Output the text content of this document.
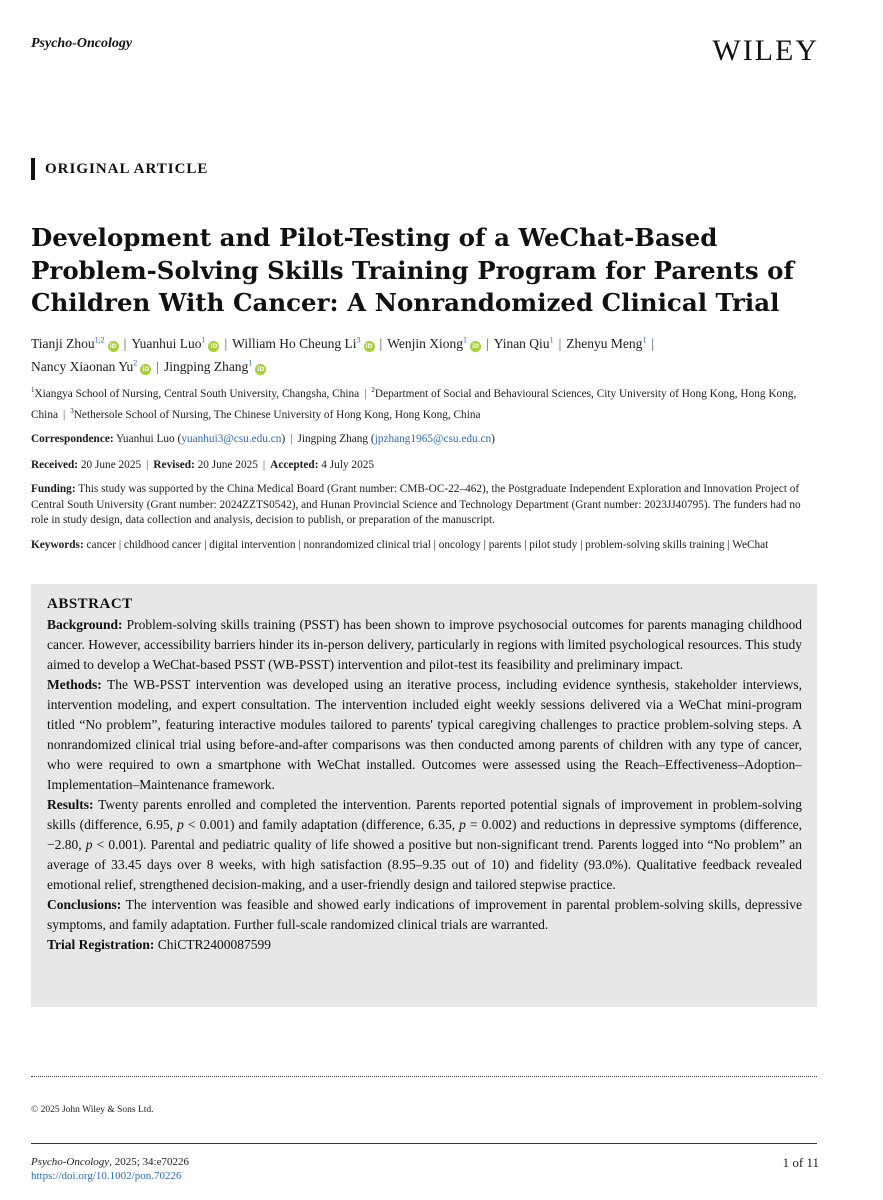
Psycho-Oncology	WILEY
ORIGINAL ARTICLE
Development and Pilot-Testing of a WeChat-Based Problem-Solving Skills Training Program for Parents of Children With Cancer: A Nonrandomized Clinical Trial
Tianji Zhou$^{1,2}$iD | Yuanhui Luo$^1$iD | William Ho Cheung Li$^3$iD | Wenjin Xiong$^1$iD | Yinan Qiu$^1$ | Zhenyu Meng$^1$ |
Nancy Xiaonan Yu$^2$iD | Jingping Zhang$^1$iD
$^1$Xiangya School of Nursing, Central South University, Changsha, China | $^2$Department of Social and Behavioural Sciences, City University of Hong Kong, Hong Kong, China | $^3$Nethersole School of Nursing, The Chinese University of Hong Kong, Hong Kong, China
Correspondence: Yuanhui Luo (yuanhui3@csu.edu.cn) | Jingping Zhang (jpzhang1965@csu.edu.cn)
Received: 20 June 2025 | Revised: 20 June 2025 | Accepted: 4 July 2025
Funding: This study was supported by the China Medical Board (Grant number: CMB-OC-22–462), the Postgraduate Independent Exploration and Innovation Project of Central South University (Grant number: 2024ZZTS0542), and Hunan Provincial Science and Technology Department (Grant number: 2023JJ40795). The funders had no role in study design, data collection and analysis, decision to publish, or preparation of the manuscript.
Keywords: cancer | childhood cancer | digital intervention | nonrandomized clinical trial | oncology | parents | pilot study | problem-solving skills training | WeChat
ABSTRACT

Background: Problem-solving skills training (PSST) has been shown to improve psychosocial outcomes for parents managing childhood cancer. However, accessibility barriers hinder its in-person delivery, particularly in regions with limited psychological resources. This study aimed to develop a WeChat-based PSST (WB-PSST) intervention and pilot-test its feasibility and preliminary impact.

Methods: The WB-PSST intervention was developed using an iterative process, including evidence synthesis, stakeholder interviews, intervention modeling, and expert consultation. The intervention included eight weekly sessions delivered via a WeChat mini-program titled “No problem”, featuring interactive modules tailored to parents' typical caregiving challenges to practice problem-solving steps. A nonrandomized clinical trial using before-and-after comparisons was then conducted among parents of children with any type of cancer, who were required to own a smartphone with WeChat installed. Outcomes were assessed using the Reach–Effectiveness–Adoption–Implementation–Maintenance framework.

Results: Twenty parents enrolled and completed the intervention. Parents reported potential signals of improvement in problem-solving skills (difference, 6.95, p < 0.001) and family adaptation (difference, 6.35, p = 0.002) and reductions in depressive symptoms (difference, −2.80, p < 0.001). Parental and pediatric quality of life showed a positive but non-significant trend. Parents logged into “No problem” an average of 33.45 days over 8 weeks, with high satisfaction (8.95–9.35 out of 10) and fidelity (93.0%). Qualitative feedback revealed emotional relief, strengthened decision-making, and a user-friendly design and tailored stepwise practice.

Conclusions: The intervention was feasible and showed early indications of improvement in parental problem-solving skills, depressive symptoms, and family adaptation. Further full-scale randomized clinical trials are warranted.

Trial Registration: ChiCTR2400087599

© 2025 John Wiley & Sons Ltd.
Psycho-Oncology, 2025; 34:e70226
https://doi.org/10.1002/pon.70226
1 of 11
